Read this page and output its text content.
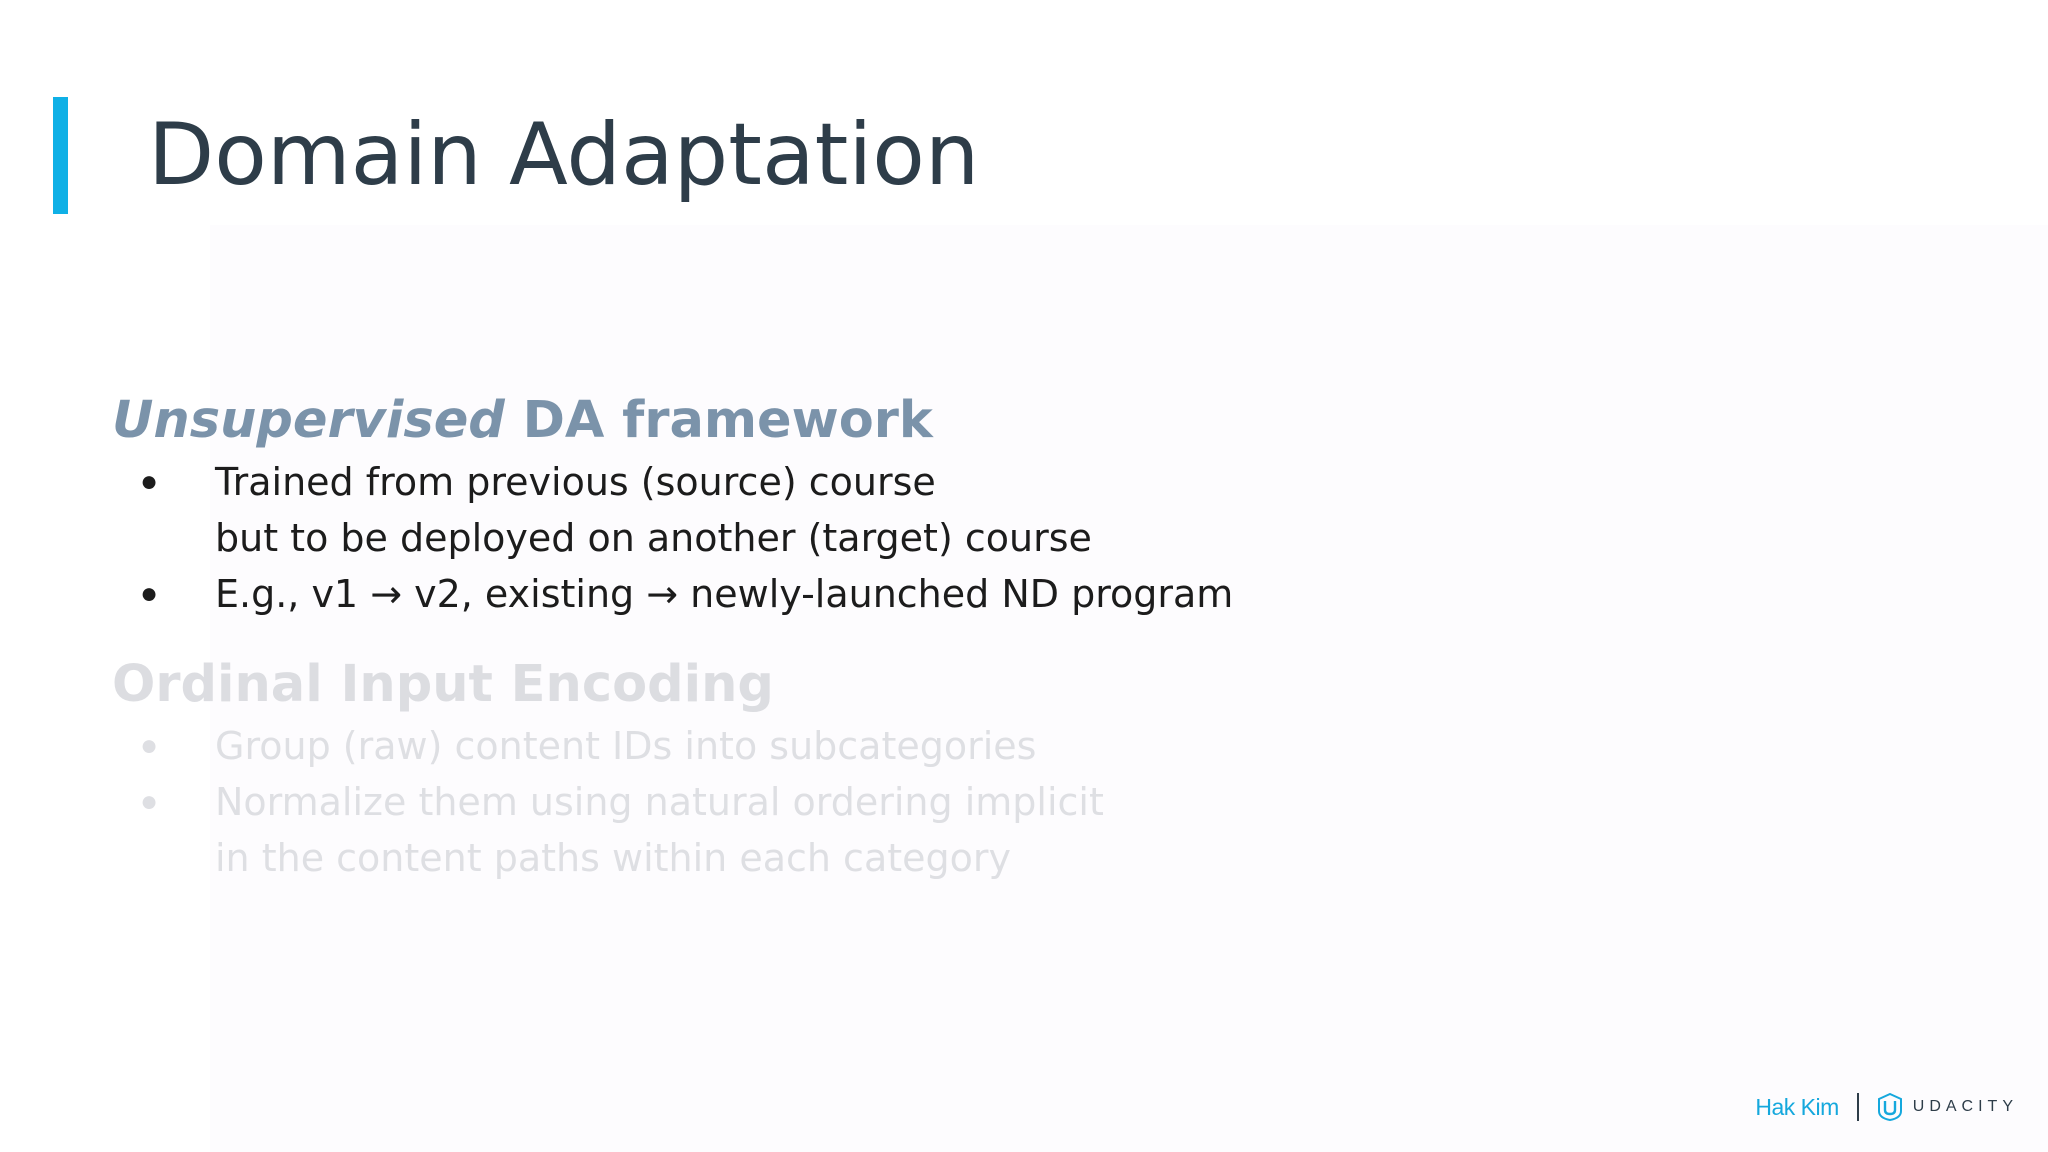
Domain Adaptation
Unsupervised DA framework
●	Trained from previous (source) course
but to be deployed on another (target) course
●	E.g., v1 → v2, existing → newly-launched ND program
Ordinal Input Encoding
●	Group (raw) content IDs into subcategories
●	Normalize them using natural ordering implicit
in the content paths within each category
Hak Kim	UDACITY
